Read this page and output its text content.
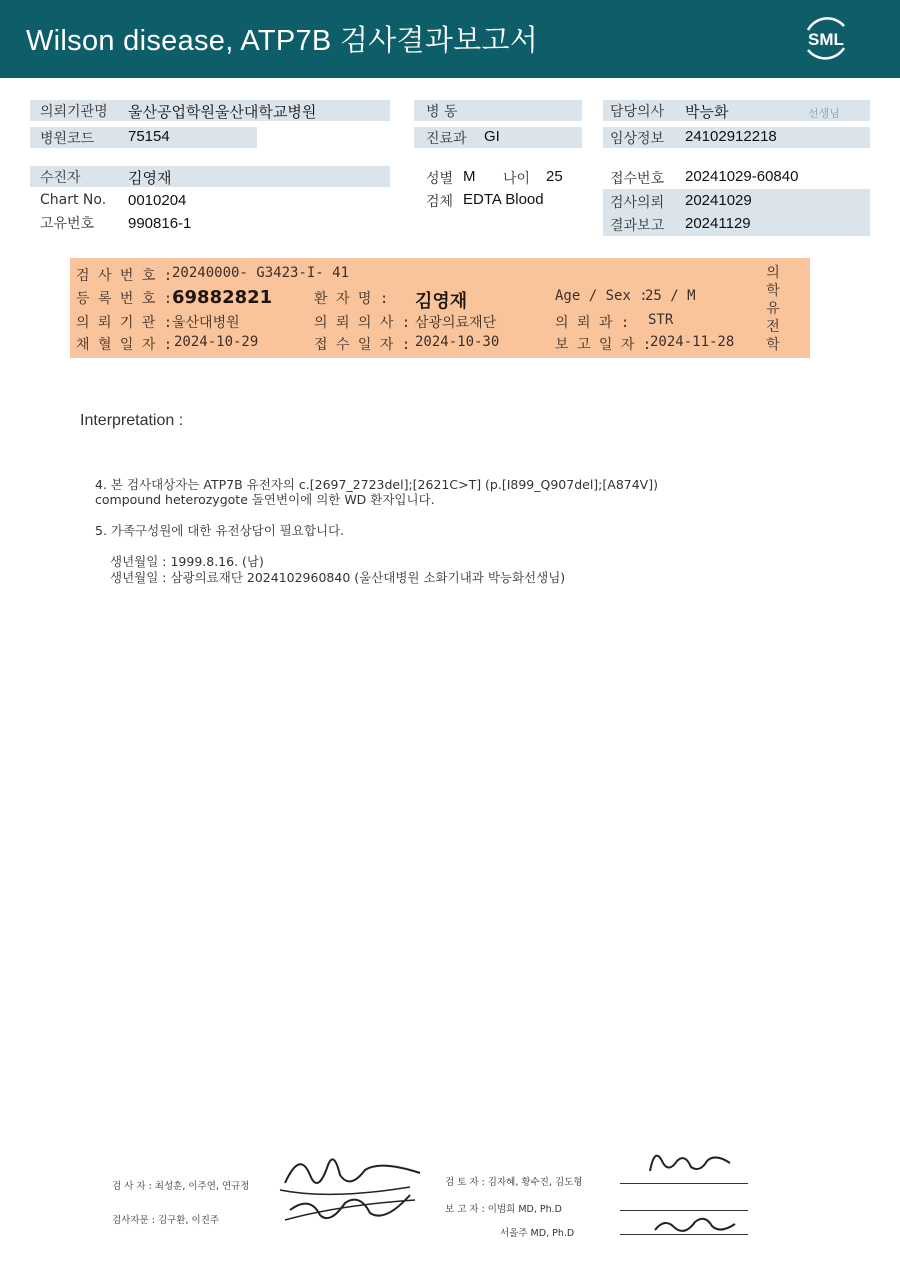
Wilson disease, ATP7B 검사결과보고서	SML
의뢰기관명 울산공업학원울산대학교병원
병원코드 75154
병 동
진료과 GI
담당의사 박능화	선생님
임상정보 24102912218
수진자	김영재
Chart No. 0010204
고유번호 990816-1
성별 M 나이 25
검체 EDTA Blood
접수번호 20241029-60840
검사의뢰 20241029
결과보고 20241129
검 사 번 호 : 20240000- G3423-I- 41
등 록 번 호 : 69882821	환 자 명 : 김영재	Age / Sex :
25 / M
의 뢰 기 관 : 울산대병원	의 뢰 의 사 : 삼광의료재단	의 뢰 과 : STR
채 혈 일 자 : 2024-10-29	접 수 일 자 : 2024-10-30	보 고 일 자 :
2024-11-28
의학유전학
Interpretation :
4. 본 검사대상자는 ATP7B 유전자의 c.[2697_2723del];[2621C>T] (p.[I899_Q907del];[A874V])
compound heterozygote 돌연변이에 의한 WD 환자입니다.
5. 가족구성원에 대한 유전상담이 필요합니다.
생년월일 : 1999.8.16. (남)
생년월일 : 삼광의료재단 2024102960840 (울산대병원 소화기내과 박능화선생님)
검 사 자 : 최성훈, 이주연, 연규정
검사자문 : 김구환, 이진주
검 토 자 : 김자혜, 황수진, 김도형
보 고 자 : 이범희 MD, Ph.D
서올주 MD, Ph.D
